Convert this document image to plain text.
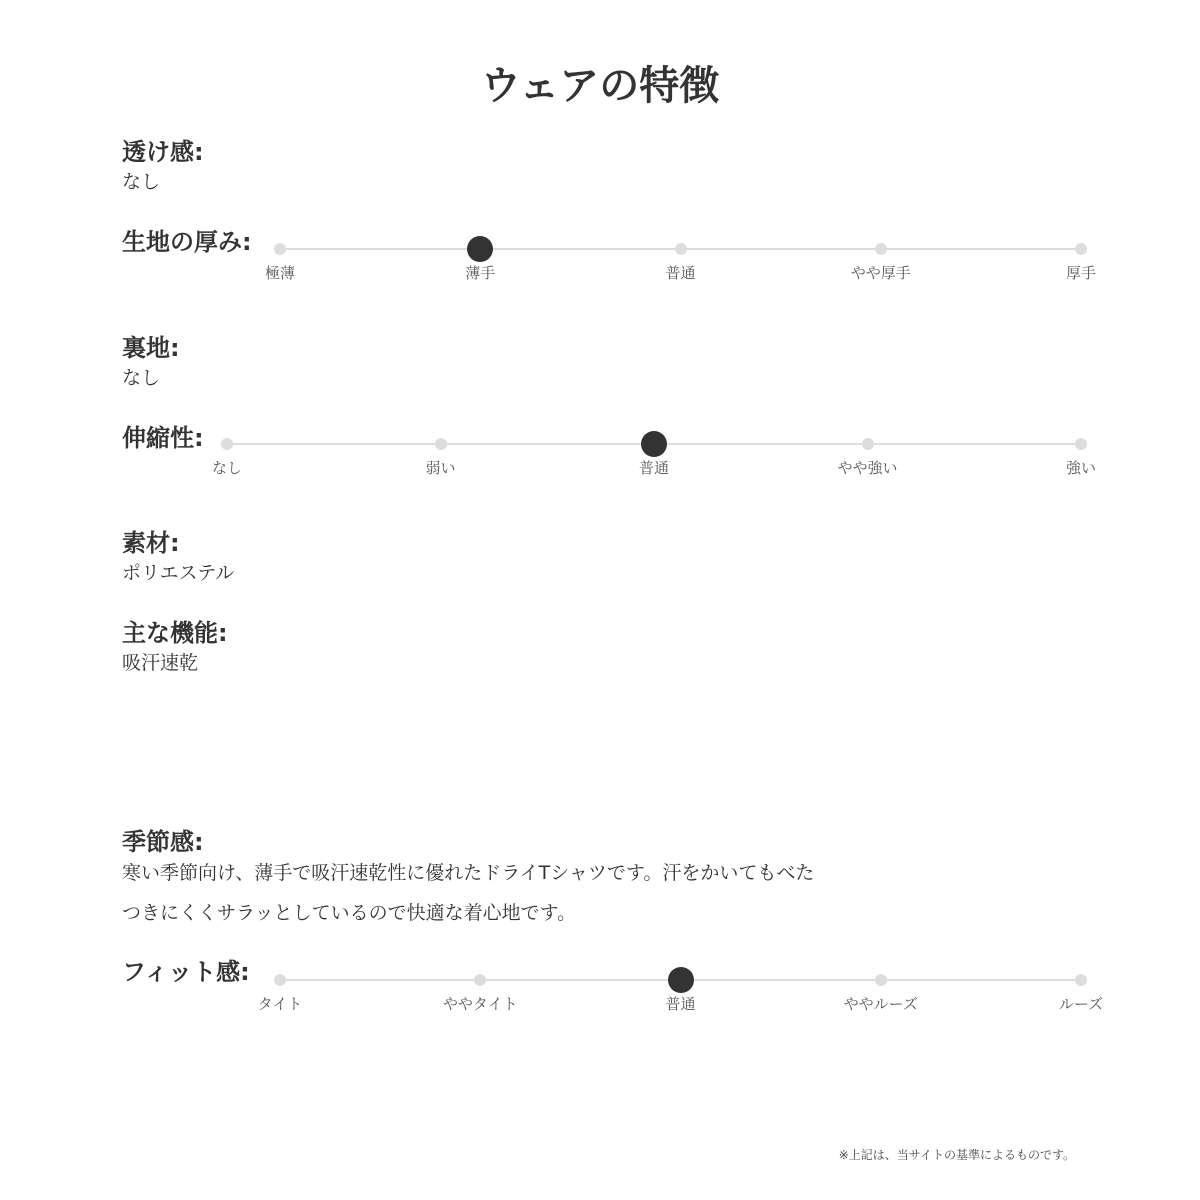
ウェアの特徴
透け感:
なし
生地の厚み:
極薄	薄手	普通	やや厚手	厚手
裏地:
なし
伸縮性:
なし	弱い	普通	やや強い	強い
素材:
ポリエステル
主な機能:
吸汗速乾
季節感:
寒い季節向け、薄手で吸汗速乾性に優れたドライTシャツです。汗をかいてもべた
つきにくくサラッとしているので快適な着心地です。
フィット感:
タイト	ややタイト	普通	ややルーズ	ルーズ
※上記は、当サイトの基準によるものです。
